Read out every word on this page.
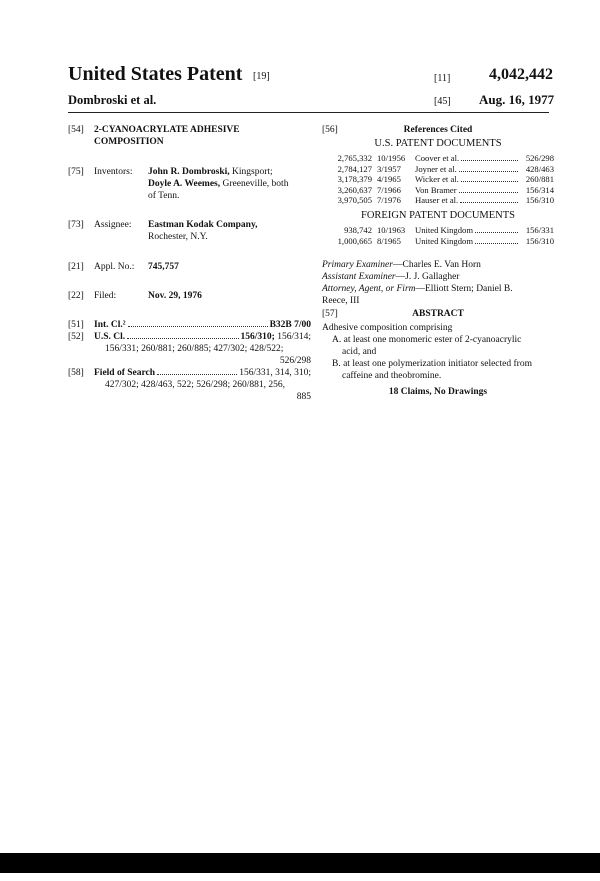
United States Patent [19]
Dombroski et al.
[11] 4,042,442
[45] Aug. 16, 1977
[54] 2-CYANOACRYLATE ADHESIVE
COMPOSITION
[75] Inventors: John R. Dombroski, Kingsport;
Doyle A. Weemes, Greeneville, both
of Tenn.
[73] Assignee: Eastman Kodak Company,
Rochester, N.Y.
[21] Appl. No.: 745,757
[22] Filed:	Nov. 29, 1976
[51] Int. Cl.²	B32B 7/00
[52] U.S. Cl.	156/310; 156/314;
156/331; 260/881; 260/885; 427/302; 428/522;
526/298
[58] Field of Search	156/331, 314, 310;
427/302; 428/463, 522; 526/298; 260/881, 256,
885
[56]	References Cited
U.S. PATENT DOCUMENTS
2,765,332	10/1956	Coover et al.	526/298
2,784,127	3/1957	Joyner et al.	428/463
3,178,379	4/1965	Wicker et al.	260/881
3,260,637	7/1966	Von Bramer	156/314
3,970,505	7/1976	Hauser et al.	156/310
FOREIGN PATENT DOCUMENTS
938,742	10/1963	United Kingdom	156/331
1,000,665	8/1965	United Kingdom	156/310
Primary Examiner—Charles E. Van Horn
Assistant Examiner—J. J. Gallagher
Attorney, Agent, or Firm—Elliott Stern; Daniel B.
Reece, III
[57]	ABSTRACT
Adhesive composition comprising
A. at least one monomeric ester of 2-cyanoacrylic
acid, and
B. at least one polymerization initiator selected from
caffeine and theobromine.
18 Claims, No Drawings
